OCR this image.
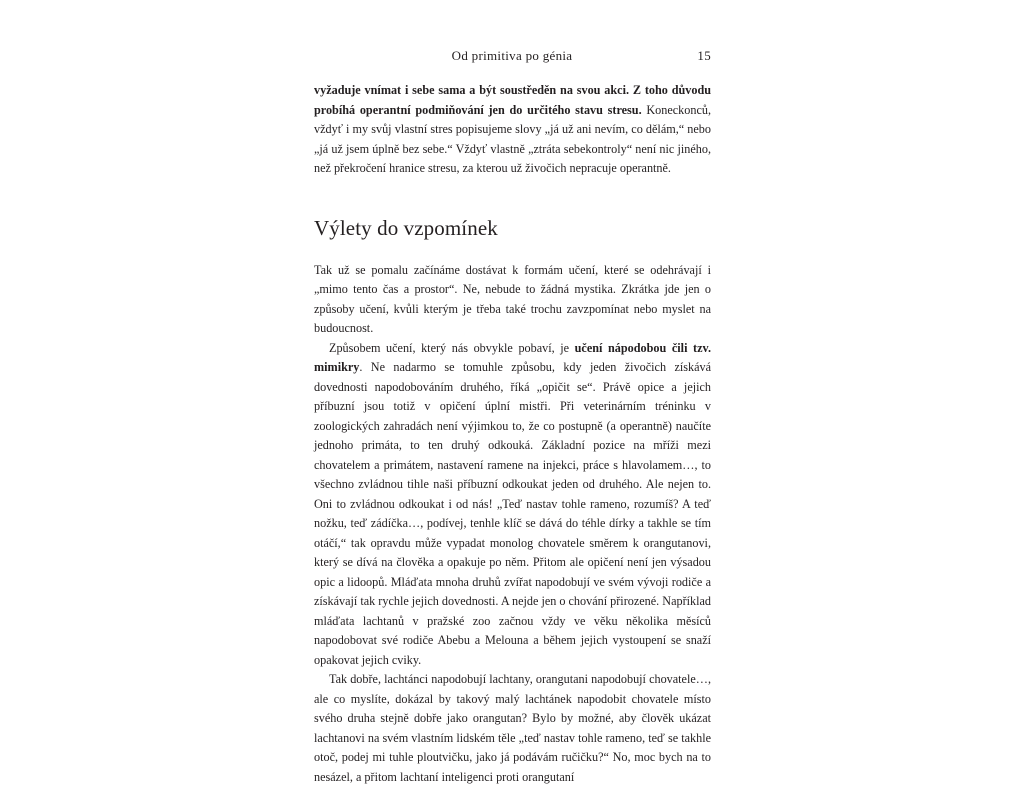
Od primitiva po génia	15

vyžaduje vnímat i sebe sama a být soustředěn na svou akci. Z toho důvodu probíhá operantní podmiňování jen do určitého stavu stresu. Koneckonců, vždyť i my svůj vlastní stres popisujeme slovy „já už ani nevím, co dělám,“ nebo „já už jsem úplně bez sebe.“ Vždyť vlastně „ztráta sebekontroly“ není nic jiného, než překročení hranice stresu, za kterou už živočich nepracuje operantně.

Výlety do vzpomínek

Tak už se pomalu začínáme dostávat k formám učení, které se odehrávají i „mimo tento čas a prostor“. Ne, nebude to žádná mystika. Zkrátka jde jen o způsoby učení, kvůli kterým je třeba také trochu zavzpomínat nebo myslet na budoucnost.

Způsobem učení, který nás obvykle pobaví, je učení nápodobou čili tzv. mimikry. Ne nadarmo se tomuhle způsobu, kdy jeden živočich získává dovednosti napodobováním druhého, říká „opičit se“. Právě opice a jejich příbuzní jsou totiž v opičení úplní mistři. Při veterinárním tréninku v zoologických zahradách není výjimkou to, že co postupně (a operantně) naučíte jednoho primáta, to ten druhý odkouká. Základní pozice na mříži mezi chovatelem a primátem, nastavení ramene na injekci, práce s hlavolamem…, to všechno zvládnou tihle naši příbuzní odkoukat jeden od druhého. Ale nejen to. Oni to zvládnou odkoukat i od nás! „Teď nastav tohle rameno, rozumíš? A teď nožku, teď zádíčka…, podívej, tenhle klíč se dává do téhle dírky a takhle se tím otáčí,“ tak opravdu může vypadat monolog chovatele směrem k orangutanovi, který se dívá na člověka a opakuje po něm. Přitom ale opičení není jen výsadou opic a lidoopů. Mláďata mnoha druhů zvířat napodobují ve svém vývoji rodiče a získávají tak rychle jejich dovednosti. A nejde jen o chování přirozené. Například mláďata lachtanů v pražské zoo začnou vždy ve věku několika měsíců napodobovat své rodiče Abebu a Melouna a během jejich vystoupení se snaží opakovat jejich cviky.

Tak dobře, lachtánci napodobují lachtany, orangutani napodobují chovatele…, ale co myslíte, dokázal by takový malý lachtánek napodobit chovatele místo svého druha stejně dobře jako orangutan? Bylo by možné, aby člověk ukázat lachtanovi na svém vlastním lidském těle „teď nastav tohle rameno, teď se takhle otoč, podej mi tuhle ploutvičku, jako já podávám ručičku?“ No, moc bych na to nesázel, a přitom lachtaní inteligenci proti orangutaní
